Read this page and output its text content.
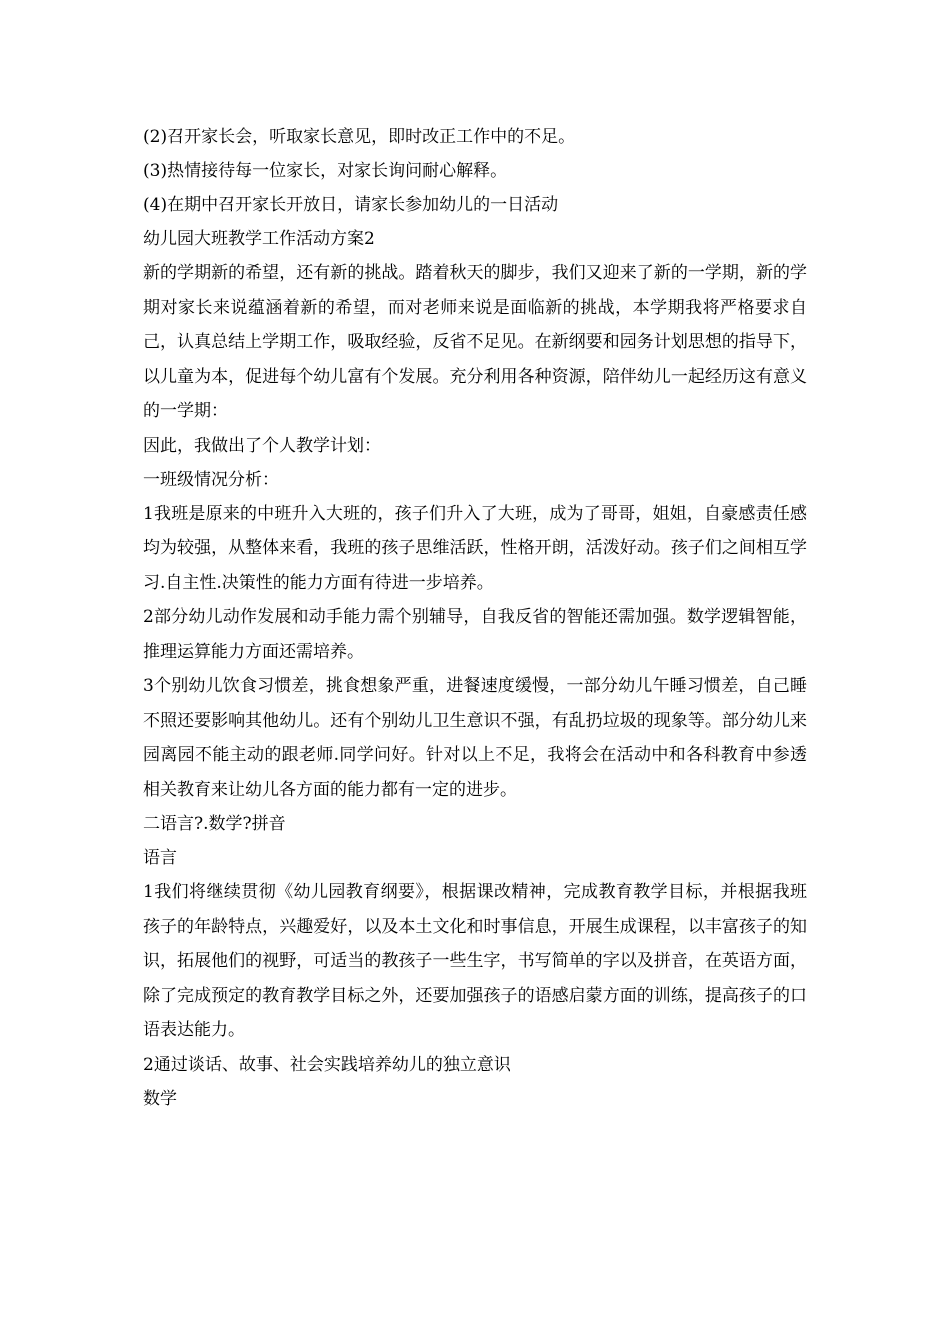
(2)召开家长会，听取家长意见，即时改正工作中的不足。

(3)热情接待每一位家长，对家长询问耐心解释。

(4)在期中召开家长开放日，请家长参加幼儿的一日活动

幼儿园大班教学工作活动方案2

新的学期新的希望，还有新的挑战。踏着秋天的脚步，我们又迎来了新的一学期，新的学期对家长来说蕴涵着新的希望，而对老师来说是面临新的挑战，本学期我将严格要求自己，认真总结上学期工作，吸取经验，反省不足见。在新纲要和园务计划思想的指导下，以儿童为本，促进每个幼儿富有个发展。充分利用各种资源，陪伴幼儿一起经历这有意义的一学期：

因此，我做出了个人教学计划：

一班级情况分析：

1我班是原来的中班升入大班的，孩子们升入了大班，成为了哥哥，姐姐，自豪感责任感均为较强，从整体来看，我班的孩子思维活跃，性格开朗，活泼好动。孩子们之间相互学习.自主性.决策性的能力方面有待进一步培养。

2部分幼儿动作发展和动手能力需个别辅导，自我反省的智能还需加强。数学逻辑智能，推理运算能力方面还需培养。

3个别幼儿饮食习惯差，挑食想象严重，进餐速度缓慢，一部分幼儿午睡习惯差，自己睡不照还要影响其他幼儿。还有个别幼儿卫生意识不强，有乱扔垃圾的现象等。部分幼儿来园离园不能主动的跟老师.同学问好。针对以上不足，我将会在活动中和各科教育中参透相关教育来让幼儿各方面的能力都有一定的进步。

二语言?.数学?拼音

语言

1我们将继续贯彻《幼儿园教育纲要》，根据课改精神，完成教育教学目标，并根据我班孩子的年龄特点，兴趣爱好，以及本土文化和时事信息，开展生成课程，以丰富孩子的知识，拓展他们的视野，可适当的教孩子一些生字，书写简单的字以及拼音，在英语方面，除了完成预定的教育教学目标之外，还要加强孩子的语感启蒙方面的训练，提高孩子的口语表达能力。

2通过谈话、故事、社会实践培养幼儿的独立意识

数学
